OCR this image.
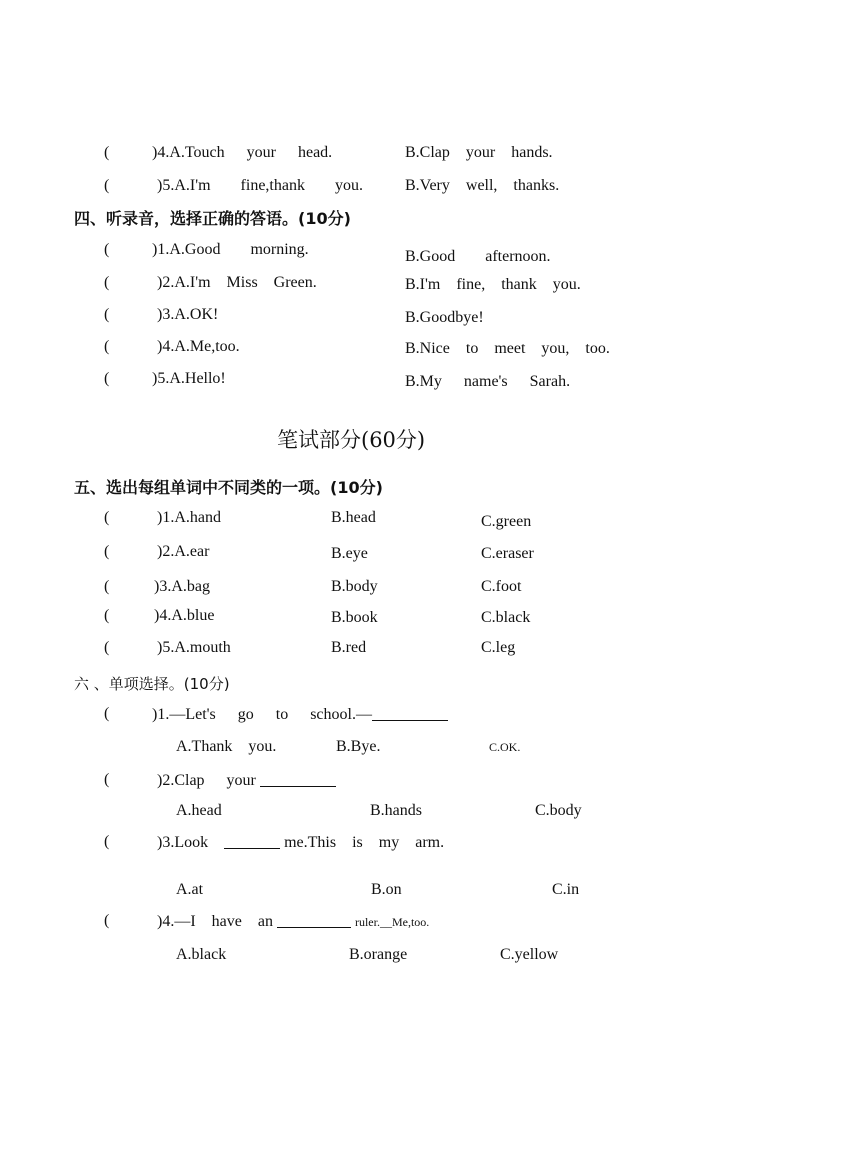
(	)4.A.Touch your head.	B.Clap your hands.
(	)5.A.I'm fine,thank you.	B.Very well, thanks.
四、听录音，选择正确的答语。(10分)
(	)1.A.Good morning.	B.Good afternoon.
(	)2.A.I'm Miss Green.	B.I'm fine, thank you.
(	)3.A.OK!	B.Goodbye!
(	)4.A.Me,too.	B.Nice to meet you, too.
(	)5.A.Hello!	B.My name's Sarah.
笔试部分(60分)
五、选出每组单词中不同类的一项。(10分)
(	)1.A.hand	B.head	C.green
(	)2.A.ear	B.eye	C.eraser
(	)3.A.bag	B.body	C.foot
(	)4.A.blue	B.book	C.black
(	)5.A.mouth	B.red	C.leg
六 、单项选择。(10分)
(	)1.—Let's go to school.—
A.Thank you.	B.Bye.	C.OK.
(	)2.Clap your
A.head	B.hands	C.body
(	)3.Look	me.This is my arm.
A.at	B.on	C.in
(	)4.—I have an	ruler.__Me,too.
A.black	B.orange	C.yellow
